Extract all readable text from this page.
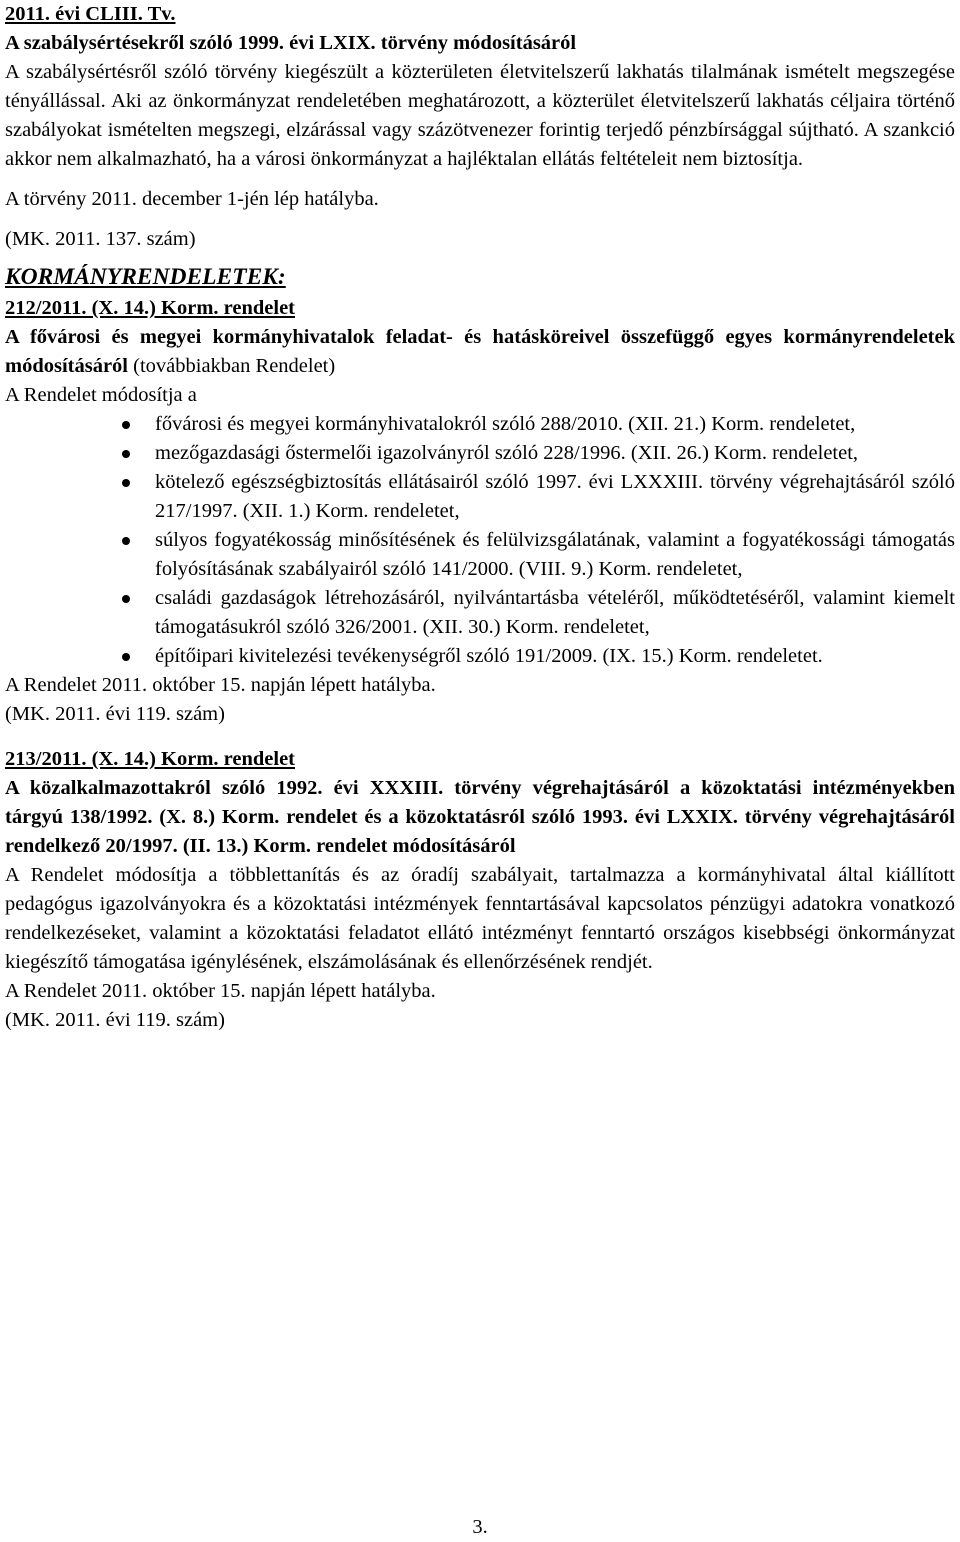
2011. évi CLIII. Tv.

A szabálysértésekről szóló 1999. évi LXIX. törvény módosításáról

A szabálysértésről szóló törvény kiegészült a közterületen életvitelszerű lakhatás tilalmának ismételt megszegése tényállással. Aki az önkormányzat rendeletében meghatározott, a közterület életvitelszerű lakhatás céljaira történő szabályokat ismételten megszegi, elzárással vagy százötvenezer forintig terjedő pénzbírsággal sújtható. A szankció akkor nem alkalmazható, ha a városi önkormányzat a hajléktalan ellátás feltételeit nem biztosítja.

A törvény 2011. december 1-jén lép hatályba.

(MK. 2011. 137. szám)

KORMÁNYRENDELETEK:

212/2011. (X. 14.) Korm. rendelet

A fővárosi és megyei kormányhivatalok feladat- és hatásköreivel összefüggő egyes kormányrendeletek módosításáról (továbbiakban Rendelet)

A Rendelet módosítja a

fővárosi és megyei kormányhivatalokról szóló 288/2010. (XII. 21.) Korm. rendeletet,
mezőgazdasági őstermelői igazolványról szóló 228/1996. (XII. 26.) Korm. rendeletet,
kötelező egészségbiztosítás ellátásairól szóló 1997. évi LXXXIII. törvény végrehajtásáról szóló 217/1997. (XII. 1.) Korm. rendeletet,
súlyos fogyatékosság minősítésének és felülvizsgálatának, valamint a fogyatékossági támogatás folyósításának szabályairól szóló 141/2000. (VIII. 9.) Korm. rendeletet,
családi gazdaságok létrehozásáról, nyilvántartásba vételéről, működtetéséről, valamint kiemelt támogatásukról szóló 326/2001. (XII. 30.) Korm. rendeletet,
építőipari kivitelezési tevékenységről szóló 191/2009. (IX. 15.) Korm. rendeletet.

A Rendelet 2011. október 15. napján lépett hatályba.

(MK. 2011. évi 119. szám)

213/2011. (X. 14.) Korm. rendelet

A közalkalmazottakról szóló 1992. évi XXXIII. törvény végrehajtásáról a közoktatási intézményekben tárgyú 138/1992. (X. 8.) Korm. rendelet és a közoktatásról szóló 1993. évi LXXIX. törvény végrehajtásáról rendelkező 20/1997. (II. 13.) Korm. rendelet módosításáról

A Rendelet módosítja a többlettanítás és az óradíj szabályait, tartalmazza a kormányhivatal által kiállított pedagógus igazolványokra és a közoktatási intézmények fenntartásával kapcsolatos pénzügyi adatokra vonatkozó rendelkezéseket, valamint a közoktatási feladatot ellátó intézményt fenntartó országos kisebbségi önkormányzat kiegészítő támogatása igénylésének, elszámolásának és ellenőrzésének rendjét.

A Rendelet 2011. október 15. napján lépett hatályba.

(MK. 2011. évi 119. szám)

3.
